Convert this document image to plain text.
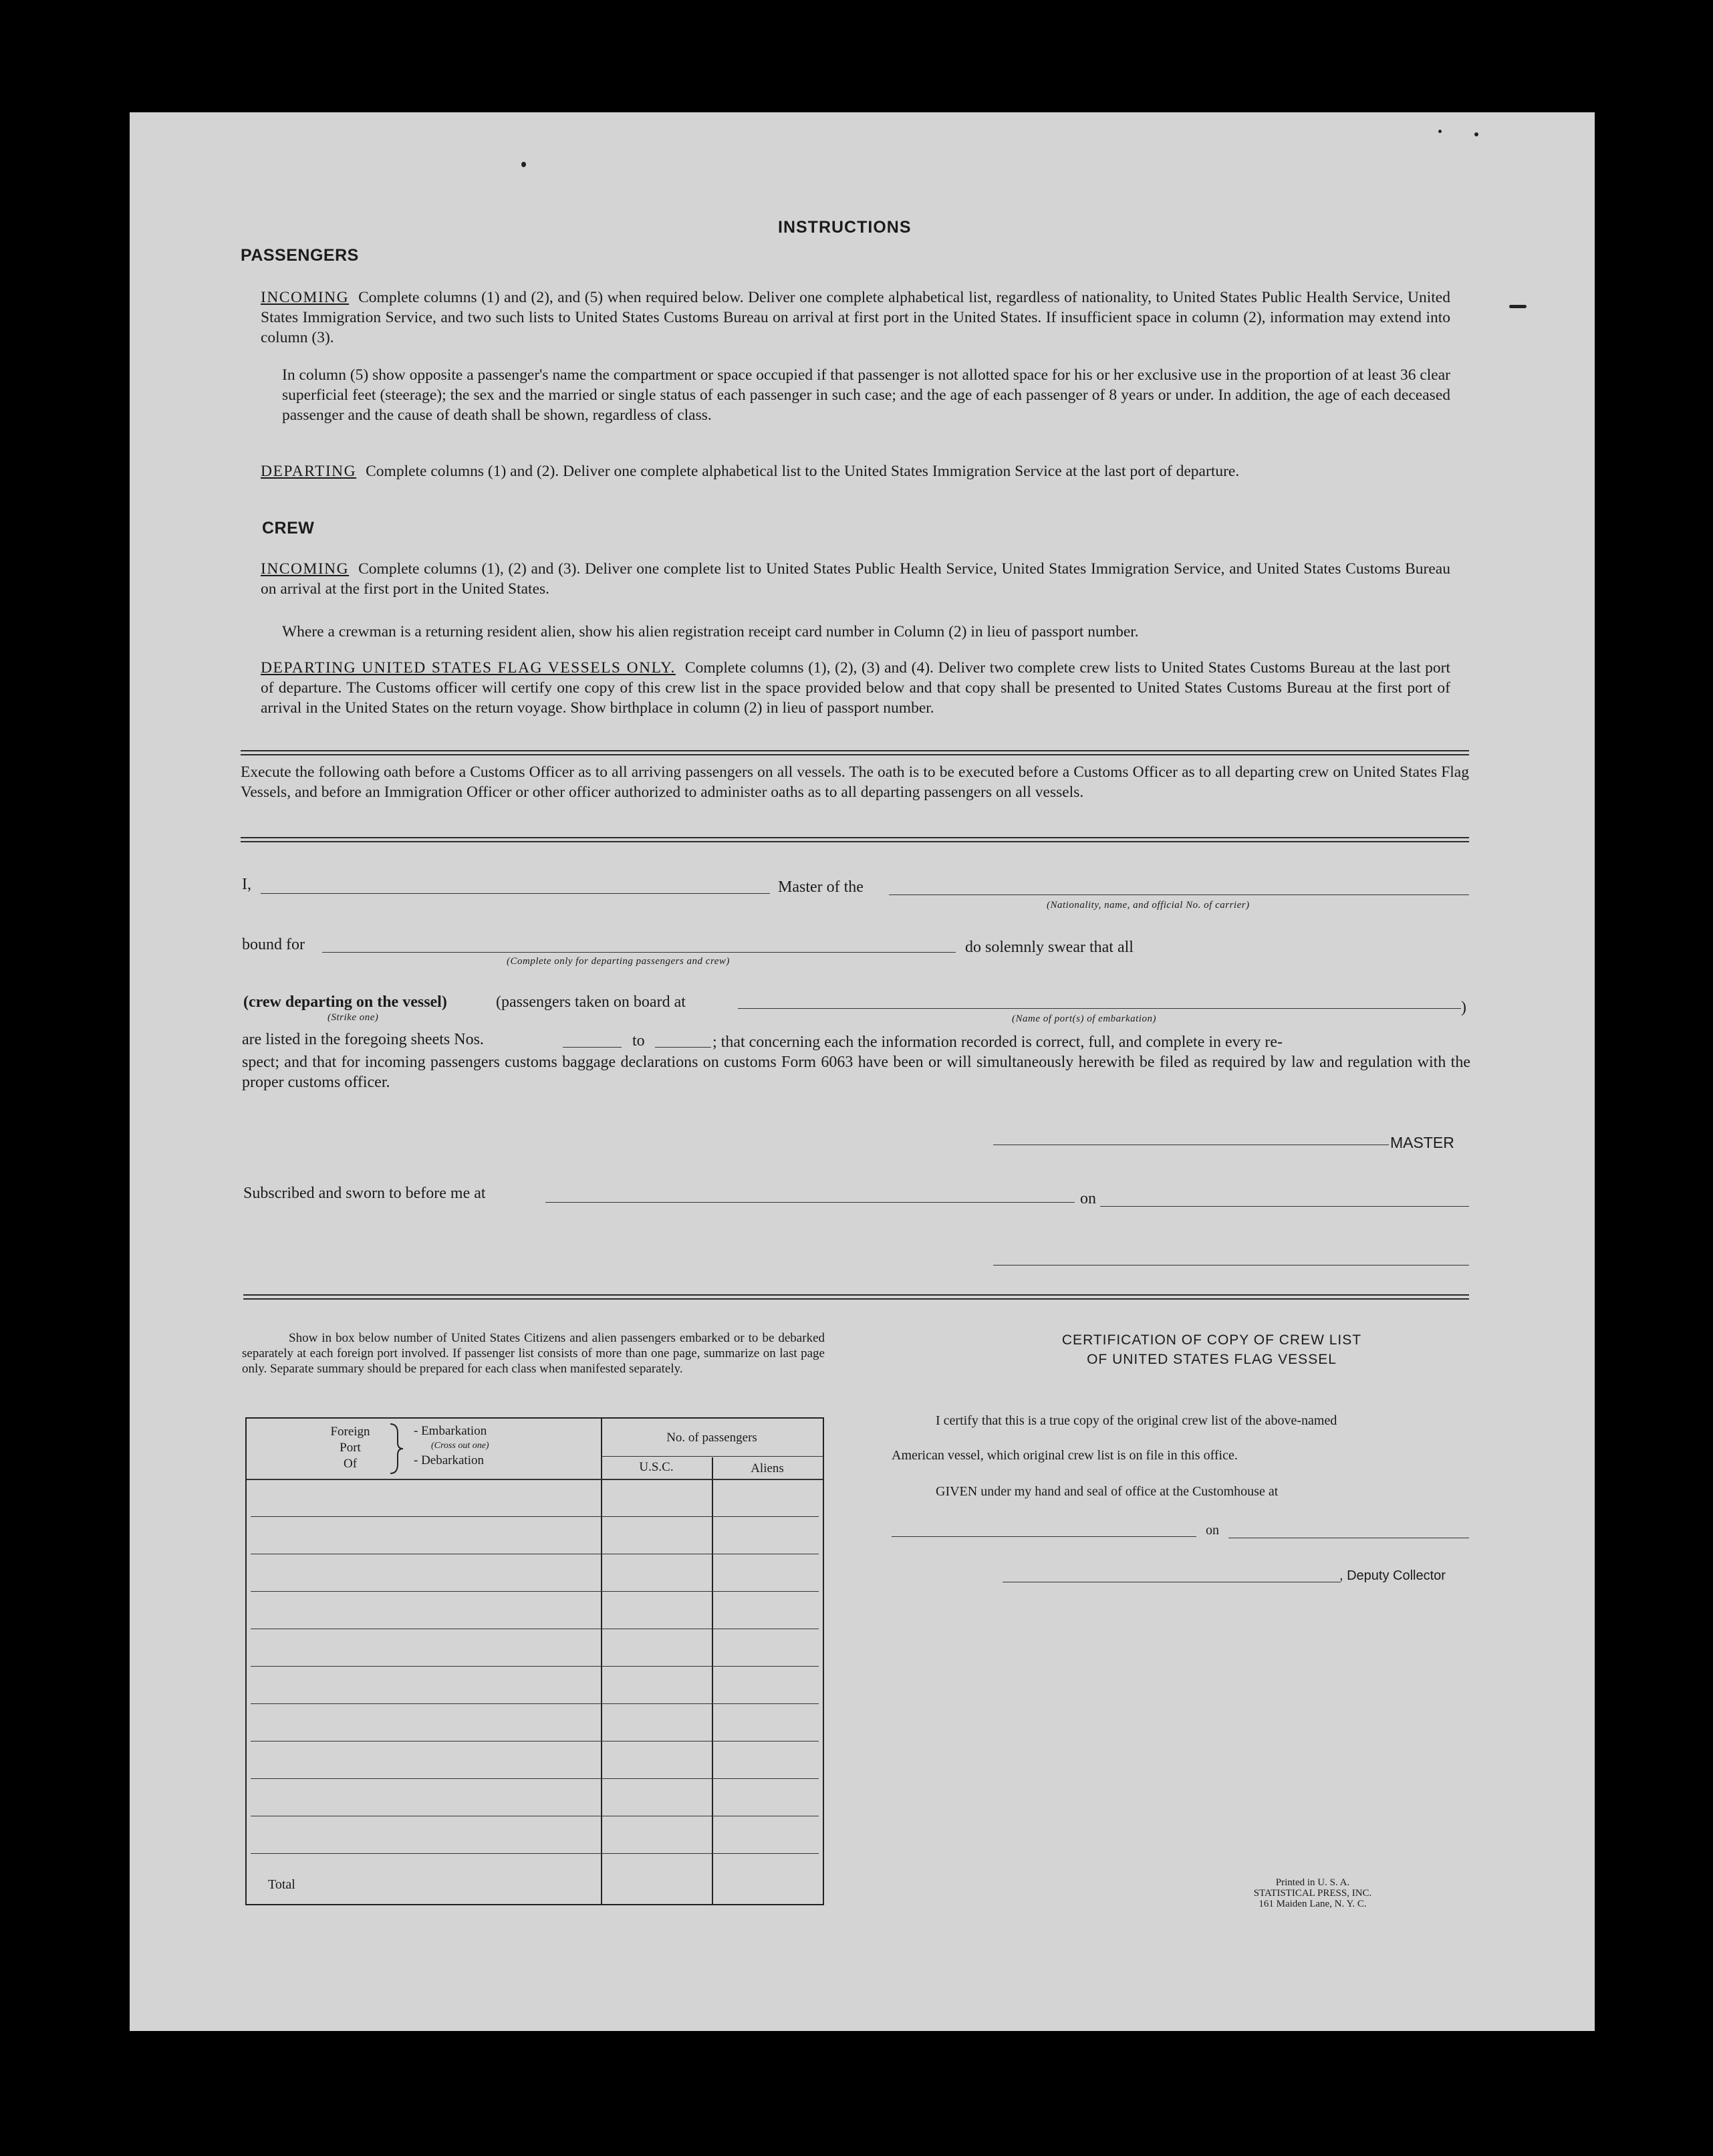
INSTRUCTIONS
PASSENGERS
INCOMING Complete columns (1) and (2), and (5) when required below. Deliver one complete alphabetical list, regardless of nationality, to United States Public Health Service, United States Immigration Service, and two such lists to United States Customs Bureau on arrival at first port in the United States. If insufficient space in column (2), information may extend into column (3).
In column (5) show opposite a passenger's name the compartment or space occupied if that passenger is not allotted space for his or her exclusive use in the proportion of at least 36 clear superficial feet (steerage); the sex and the married or single status of each passenger in such case; and the age of each passenger of 8 years or under. In addition, the age of each deceased passenger and the cause of death shall be shown, regardless of class.
DEPARTING Complete columns (1) and (2). Deliver one complete alphabetical list to the United States Immigration Service at the last port of departure.
CREW
INCOMING Complete columns (1), (2) and (3). Deliver one complete list to United States Public Health Service, United States Immigration Service, and United States Customs Bureau on arrival at the first port in the United States.
Where a crewman is a returning resident alien, show his alien registration receipt card number in Column (2) in lieu of passport number.
DEPARTING UNITED STATES FLAG VESSELS ONLY. Complete columns (1), (2), (3) and (4). Deliver two complete crew lists to United States Customs Bureau at the last port of departure. The Customs officer will certify one copy of this crew list in the space provided below and that copy shall be presented to United States Customs Bureau at the first port of arrival in the United States on the return voyage. Show birthplace in column (2) in lieu of passport number.
Execute the following oath before a Customs Officer as to all arriving passengers on all vessels. The oath is to be executed before a Customs Officer as to all departing crew on United States Flag Vessels, and before an Immigration Officer or other officer authorized to administer oaths as to all departing passengers on all vessels.
I,	Master of the
(Nationality, name, and official No. of carrier)
bound for
(Complete only for departing passengers and crew)
do solemnly swear that all
(crew departing on the vessel)
(Strike one)
(passengers taken on board at	)
(Name of port(s) of embarkation)
are listed in the foregoing sheets Nos.	to	; that concerning each the information recorded is correct, full, and complete in every re-
spect; and that for incoming passengers customs baggage declarations on customs Form 6063 have been or will simultaneously herewith be filed as required by law and regulation with the proper customs officer.
MASTER
Subscribed and sworn to before me at	on
Show in box below number of United States Citizens and alien passengers embarked or to be debarked separately at each foreign port involved. If passenger list consists of more than one page, summarize on last page only. Separate summary should be prepared for each class when manifested separately.
Foreign
Port
Of
- Embarkation
(Cross out one)
- Debarkation
No. of passengers
U.S.C.	Aliens
Total
CERTIFICATION OF COPY OF CREW LIST
OF UNITED STATES FLAG VESSEL
I certify that this is a true copy of the original crew list of the above-named
American vessel, which original crew list is on file in this office.
GIVEN under my hand and seal of office at the Customhouse at
on
, Deputy Collector
Printed in U. S. A.
STATISTICAL PRESS, INC.
161 Maiden Lane, N. Y. C.
